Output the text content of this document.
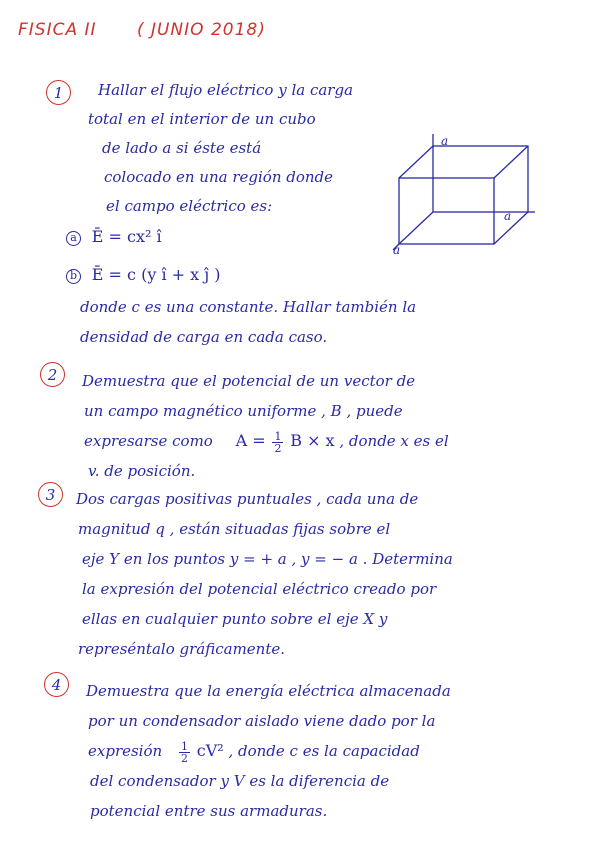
FISICA II ( JUNIO 2018)
1	Hallar el flujo eléctrico y la carga
total en el interior de un cubo
de lado a si éste está
colocado en una región donde
el campo eléctrico es:
a Ē = cx² î
b Ē = c (y î + x ĵ )
a
a
a
donde c es una constante. Hallar también la
densidad de carga en cada caso.
2	Demuestra que el potencial de un vector de
un campo magnético uniforme , B , puede
expresarse como $A = \frac{1}{2}$ B × x , donde x es el
v. de posición.
3	Dos cargas positivas puntuales , cada una de
magnitud q , están situadas fijas sobre el
eje Y en los puntos y = + a , y = − a . Determina
la expresión del potencial eléctrico creado por
ellas en cualquier punto sobre el eje X y
represéntalo gráficamente.
4	Demuestra que la energía eléctrica almacenada
por un condensador aislado viene dado por la
expresión $\frac{1}{2} cV^2$ , donde c es la capacidad
del condensador y V es la diferencia de
potencial entre sus armaduras.
